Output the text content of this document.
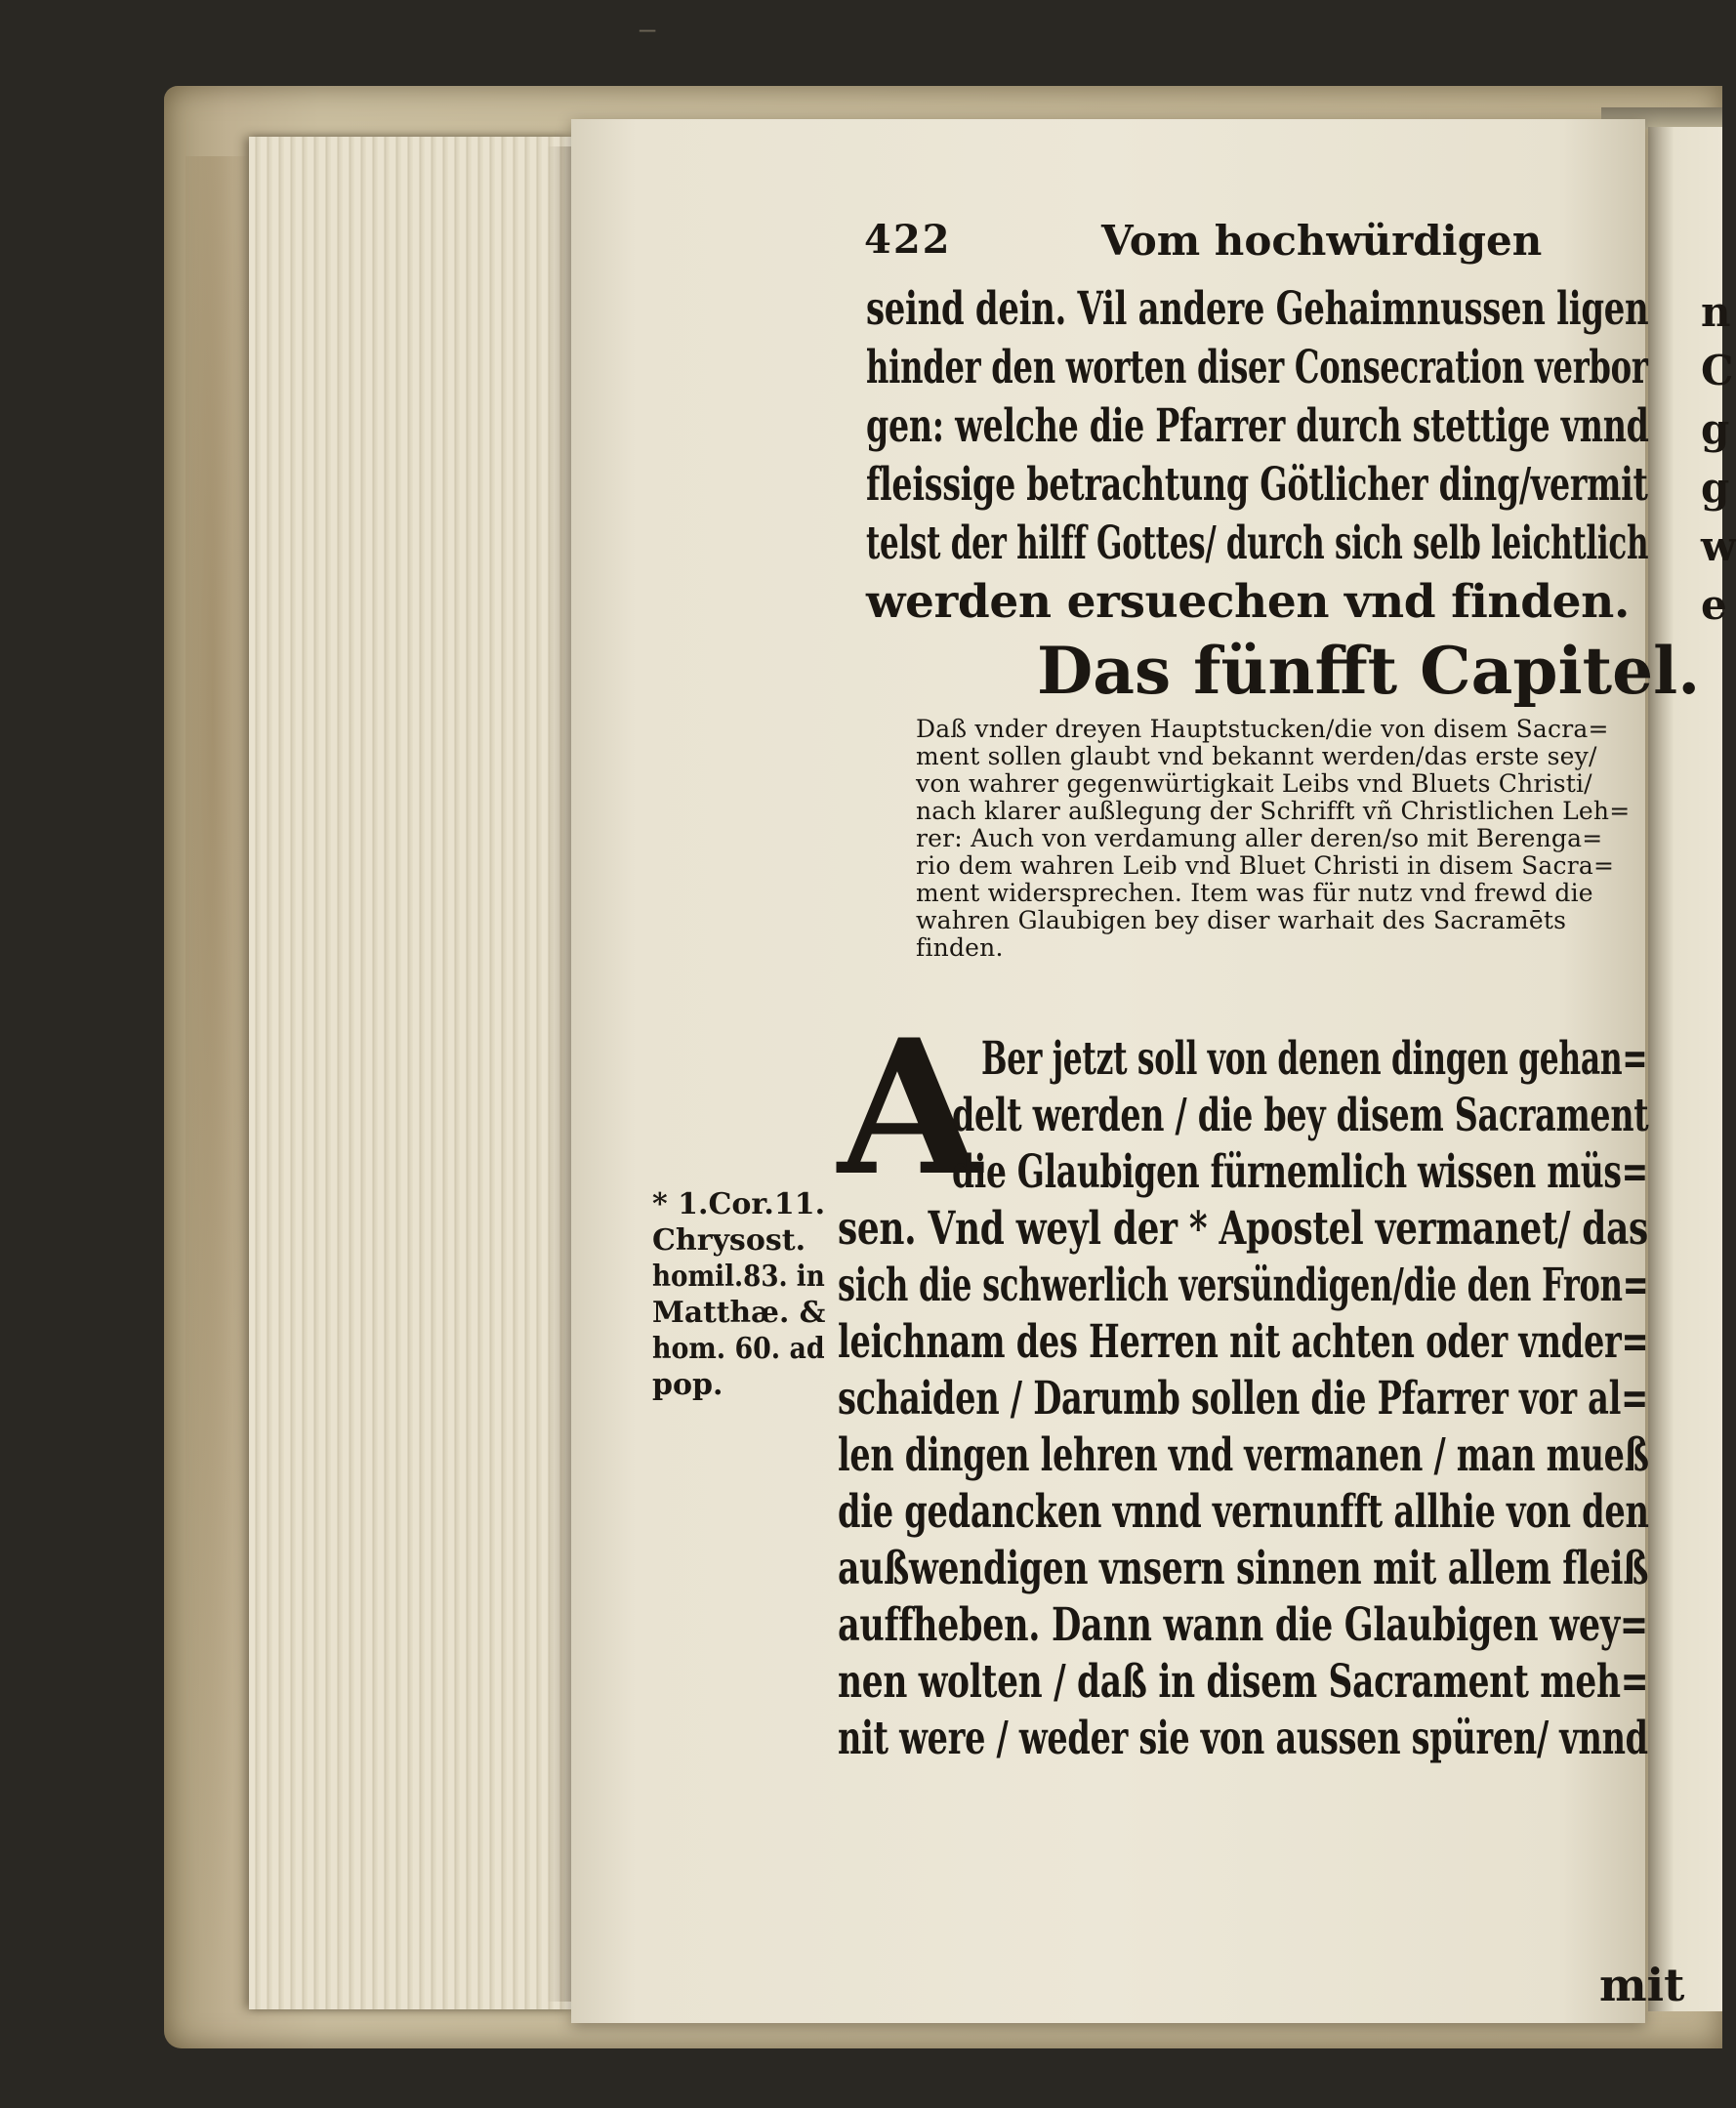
⁻
422	Vom hochwürdigen
seind dein. Vil andere Gehaimnussen ligen
hinder den worten diser Consecration verbor
gen: welche die Pfarrer durch stettige vnnd
fleissige betrachtung Götlicher ding/vermit
telst der hilff Gottes/ durch sich selb leichtlich
werden ersuechen vnd finden.
Das fünfft Capitel.
Daß vnder dreyen Hauptstucken/die von disem Sacra=
ment sollen glaubt vnd bekannt werden/das erste sey/
von wahrer gegenwürtigkait Leibs vnd Bluets Christi/
nach klarer außlegung der Schrifft vñ Christlichen Leh=
rer: Auch von verdamung aller deren/so mit Berenga=
rio dem wahren Leib vnd Bluet Christi in disem Sacra=
ment widersprechen. Item was für nutz vnd frewd die
wahren Glaubigen bey diser warhait des Sacramēts
finden.
A Ber jetzt soll von denen dingen gehan=
delt werden / die bey disem Sacrament
die Glaubigen fürnemlich wissen müs=
sen. Vnd weyl der * Apostel vermanet/ das
sich die schwerlich versündigen/die den Fron=
leichnam des Herren nit achten oder vnder=
schaiden / Darumb sollen die Pfarrer vor al=
len dingen lehren vnd vermanen / man mueß
die gedancken vnnd vernunfft allhie von den
außwendigen vnsern sinnen mit allem fleiß
auffheben. Dann wann die Glaubigen wey=
nen wolten / daß in disem Sacrament meh=
nit were / weder sie von aussen spüren/ vnnd
mit
* 1.Cor.11.
Chrysost.
homil.83. in
Matthæ. &
hom. 60. ad
pop.
n
C
g
g
w
e
